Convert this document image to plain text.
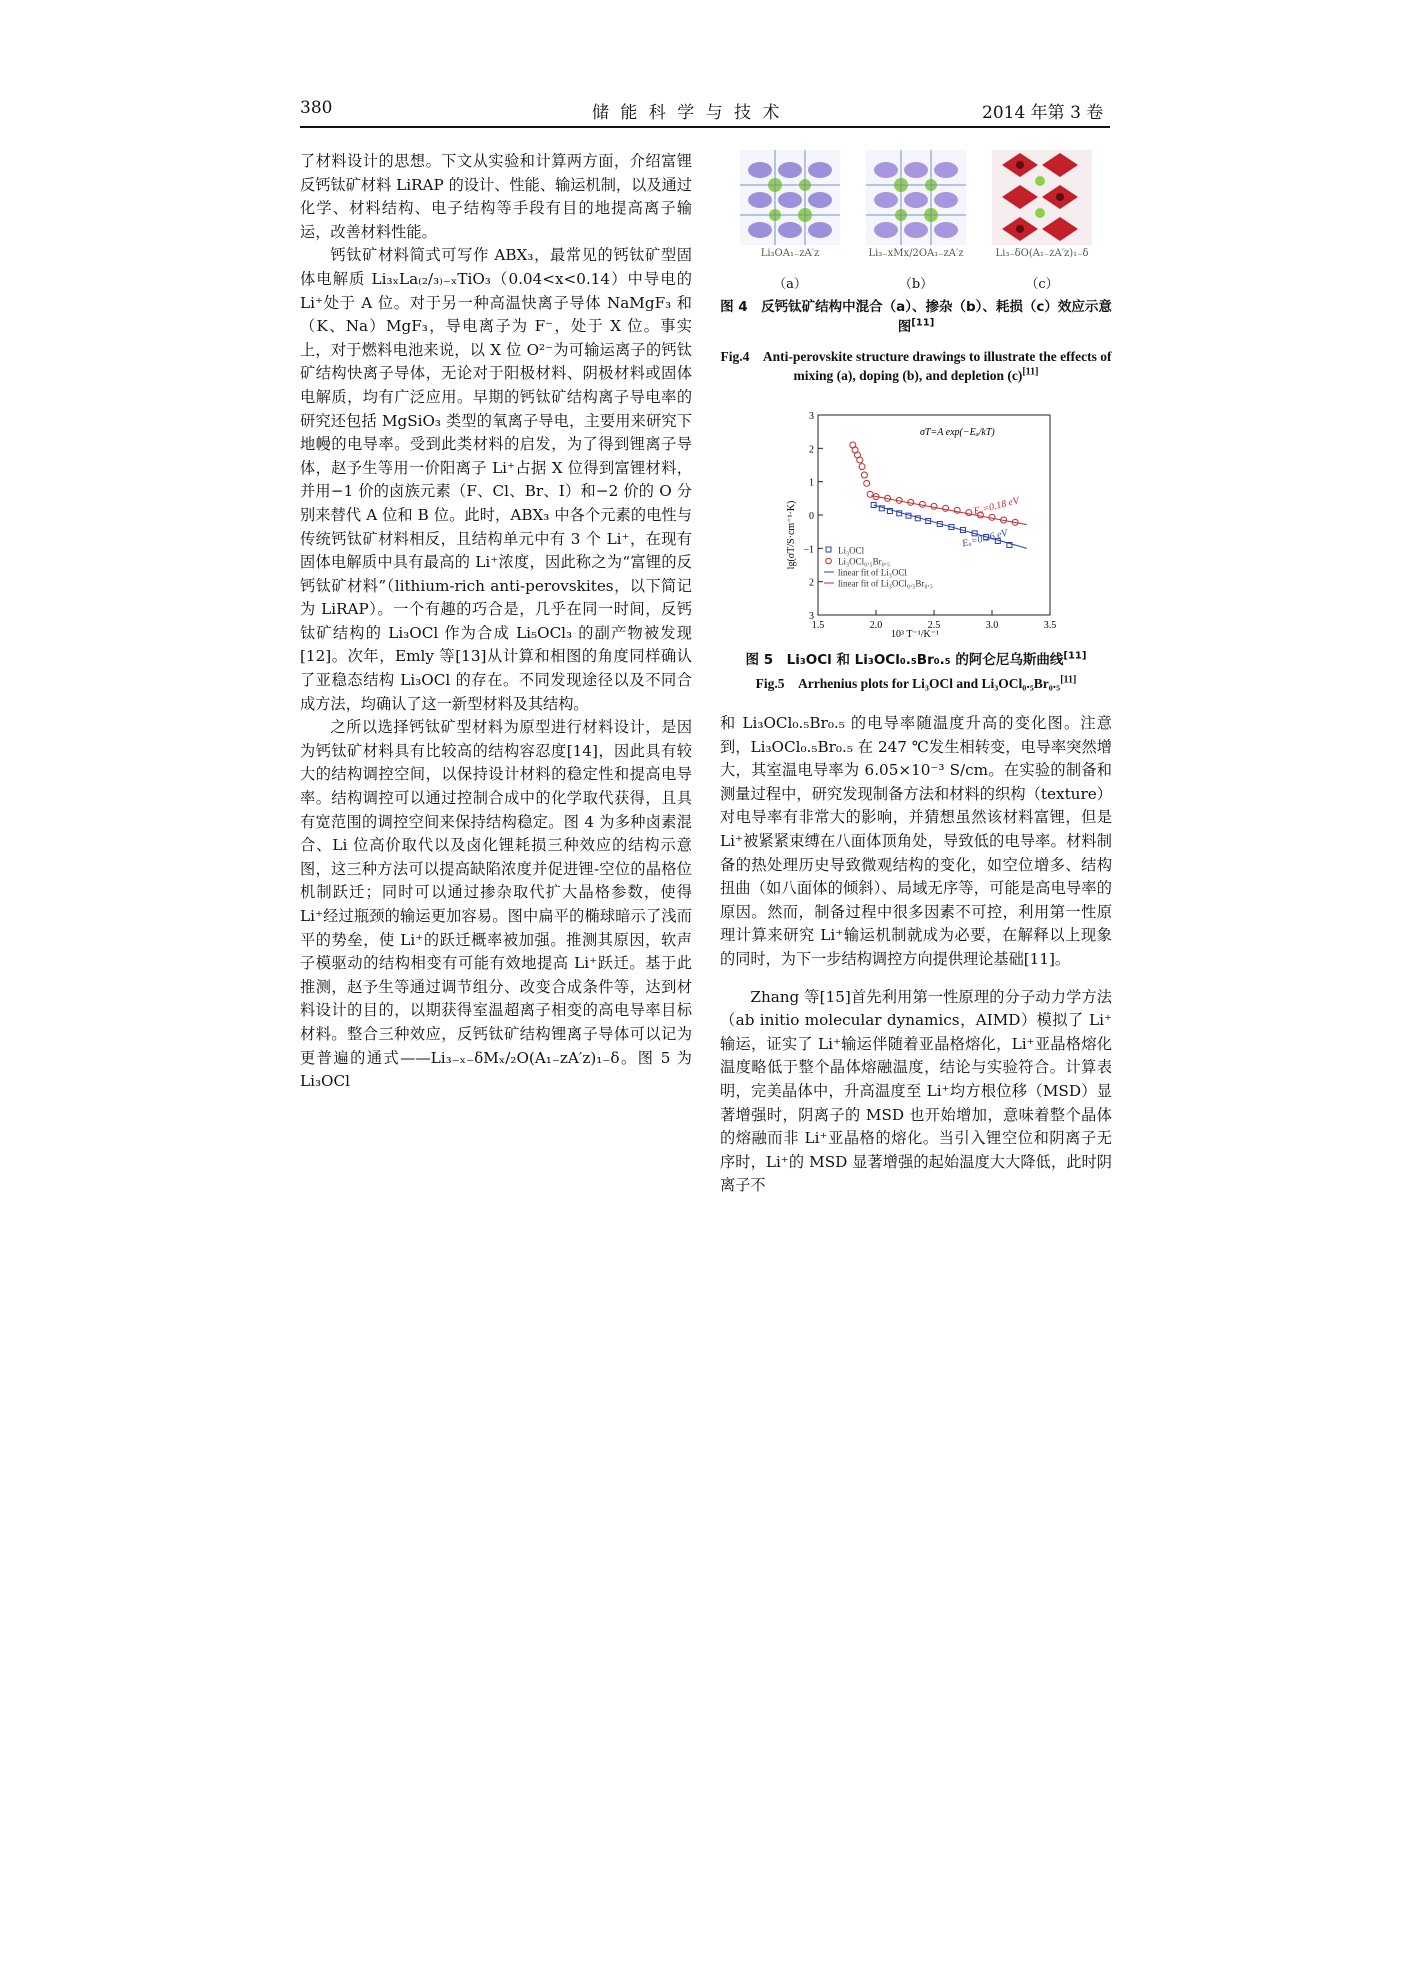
380	储 能 科 学 与 技 术	2014 年第 3 卷

了材料设计的思想。下文从实验和计算两方面，介绍富锂反钙钛矿材料 LiRAP 的设计、性能、输运机制，以及通过化学、材料结构、电子结构等手段有目的地提高离子输运，改善材料性能。

钙钛矿材料简式可写作 ABX₃，最常见的钙钛矿型固体电解质 Li₃ₓLa₍₂/₃₎₋ₓTiO₃（0.04<x<0.14）中导电的 Li⁺处于 A 位。对于另一种高温快离子导体 NaMgF₃ 和（K、Na）MgF₃，导电离子为 F⁻，处于 X 位。事实上，对于燃料电池来说，以 X 位 O²⁻为可输运离子的钙钛矿结构快离子导体，无论对于阳极材料、阴极材料或固体电解质，均有广泛应用。早期的钙钛矿结构离子导电率的研究还包括 MgSiO₃ 类型的氧离子导电，主要用来研究下地幔的电导率。受到此类材料的启发，为了得到锂离子导体，赵予生等用一价阳离子 Li⁺占据 X 位得到富锂材料，并用−1 价的卤族元素（F、Cl、Br、I）和−2 价的 O 分别来替代 A 位和 B 位。此时，ABX₃ 中各个元素的电性与传统钙钛矿材料相反，且结构单元中有 3 个 Li⁺，在现有固体电解质中具有最高的 Li⁺浓度，因此称之为“富锂的反钙钛矿材料”（lithium-rich anti-perovskites，以下简记为 LiRAP）。一个有趣的巧合是，几乎在同一时间，反钙钛矿结构的 Li₃OCl 作为合成 Li₅OCl₃ 的副产物被发现[12]。次年，Emly 等[13]从计算和相图的角度同样确认了亚稳态结构 Li₃OCl 的存在。不同发现途径以及不同合成方法，均确认了这一新型材料及其结构。

之所以选择钙钛矿型材料为原型进行材料设计，是因为钙钛矿材料具有比较高的结构容忍度[14]，因此具有较大的结构调控空间，以保持设计材料的稳定性和提高电导率。结构调控可以通过控制合成中的化学取代获得，且具有宽范围的调控空间来保持结构稳定。图 4 为多种卤素混合、Li 位高价取代以及卤化锂耗损三种效应的结构示意图，这三种方法可以提高缺陷浓度并促进锂-空位的晶格位机制跃迁；同时可以通过掺杂取代扩大晶格参数，使得 Li⁺经过瓶颈的输运更加容易。图中扁平的椭球暗示了浅而平的势垒，使 Li⁺的跃迁概率被加强。推测其原因，软声子模驱动的结构相变有可能有效地提高 Li⁺跃迁。基于此推测，赵予生等通过调节组分、改变合成条件等，达到材料设计的目的，以期获得室温超离子相变的高电导率目标材料。整合三种效应，反钙钛矿结构锂离子导体可以记为更普遍的通式——Li₃₋ₓ₋δMₓ/₂O(A₁₋zA′z)₁₋δ。图 5 为 Li₃OCl

Li₃OA₁₋zA′z	Li₃₋xMx/2OA₁₋zA′z	Li₃₋δO(A₁₋zA′z)₁₋δ
（a）	（b）	（c）
图 4　反钙钛矿结构中混合（a）、掺杂（b）、耗损（c）效应示意图[11]
Fig.4　Anti-perovskite structure drawings to illustrate the effects of mixing (a), doping (b), and depletion (c)[11]
σT=A exp(−Eₐ/kT)
lg(σT/S·cm⁻¹·K)
10³ T⁻¹/K⁻¹
1.5	2.0	2.5	3.0	3.5
3
2
1
0
−1
2
3
Eₐ=0.18 eV
Eₐ=0.26 eV
Li₃OCl
Li₃OCl₀.₅Br₀.₅
linear fit of Li₃OCl
linear fit of Li₃OCl₀.₅Br₀.₅
图 5　Li₃OCl 和 Li₃OCl₀.₅Br₀.₅ 的阿仑尼乌斯曲线[11]
Fig.5　Arrhenius plots for Li₃OCl and Li₃OCl₀.₅Br₀.₅[11]

和 Li₃OCl₀.₅Br₀.₅ 的电导率随温度升高的变化图。注意到，Li₃OCl₀.₅Br₀.₅ 在 247 ℃发生相转变，电导率突然增大，其室温电导率为 6.05×10⁻³ S/cm。在实验的制备和测量过程中，研究发现制备方法和材料的织构（texture）对电导率有非常大的影响，并猜想虽然该材料富锂，但是 Li⁺被紧紧束缚在八面体顶角处，导致低的电导率。材料制备的热处理历史导致微观结构的变化，如空位增多、结构扭曲（如八面体的倾斜）、局域无序等，可能是高电导率的原因。然而，制备过程中很多因素不可控，利用第一性原理计算来研究 Li⁺输运机制就成为必要，在解释以上现象的同时，为下一步结构调控方向提供理论基础[11]。

Zhang 等[15]首先利用第一性原理的分子动力学方法（ab initio molecular dynamics，AIMD）模拟了 Li⁺输运，证实了 Li⁺输运伴随着亚晶格熔化，Li⁺亚晶格熔化温度略低于整个晶体熔融温度，结论与实验符合。计算表明，完美晶体中，升高温度至 Li⁺均方根位移（MSD）显著增强时，阴离子的 MSD 也开始增加，意味着整个晶体的熔融而非 Li⁺亚晶格的熔化。当引入锂空位和阴离子无序时，Li⁺的 MSD 显著增强的起始温度大大降低，此时阴离子不
